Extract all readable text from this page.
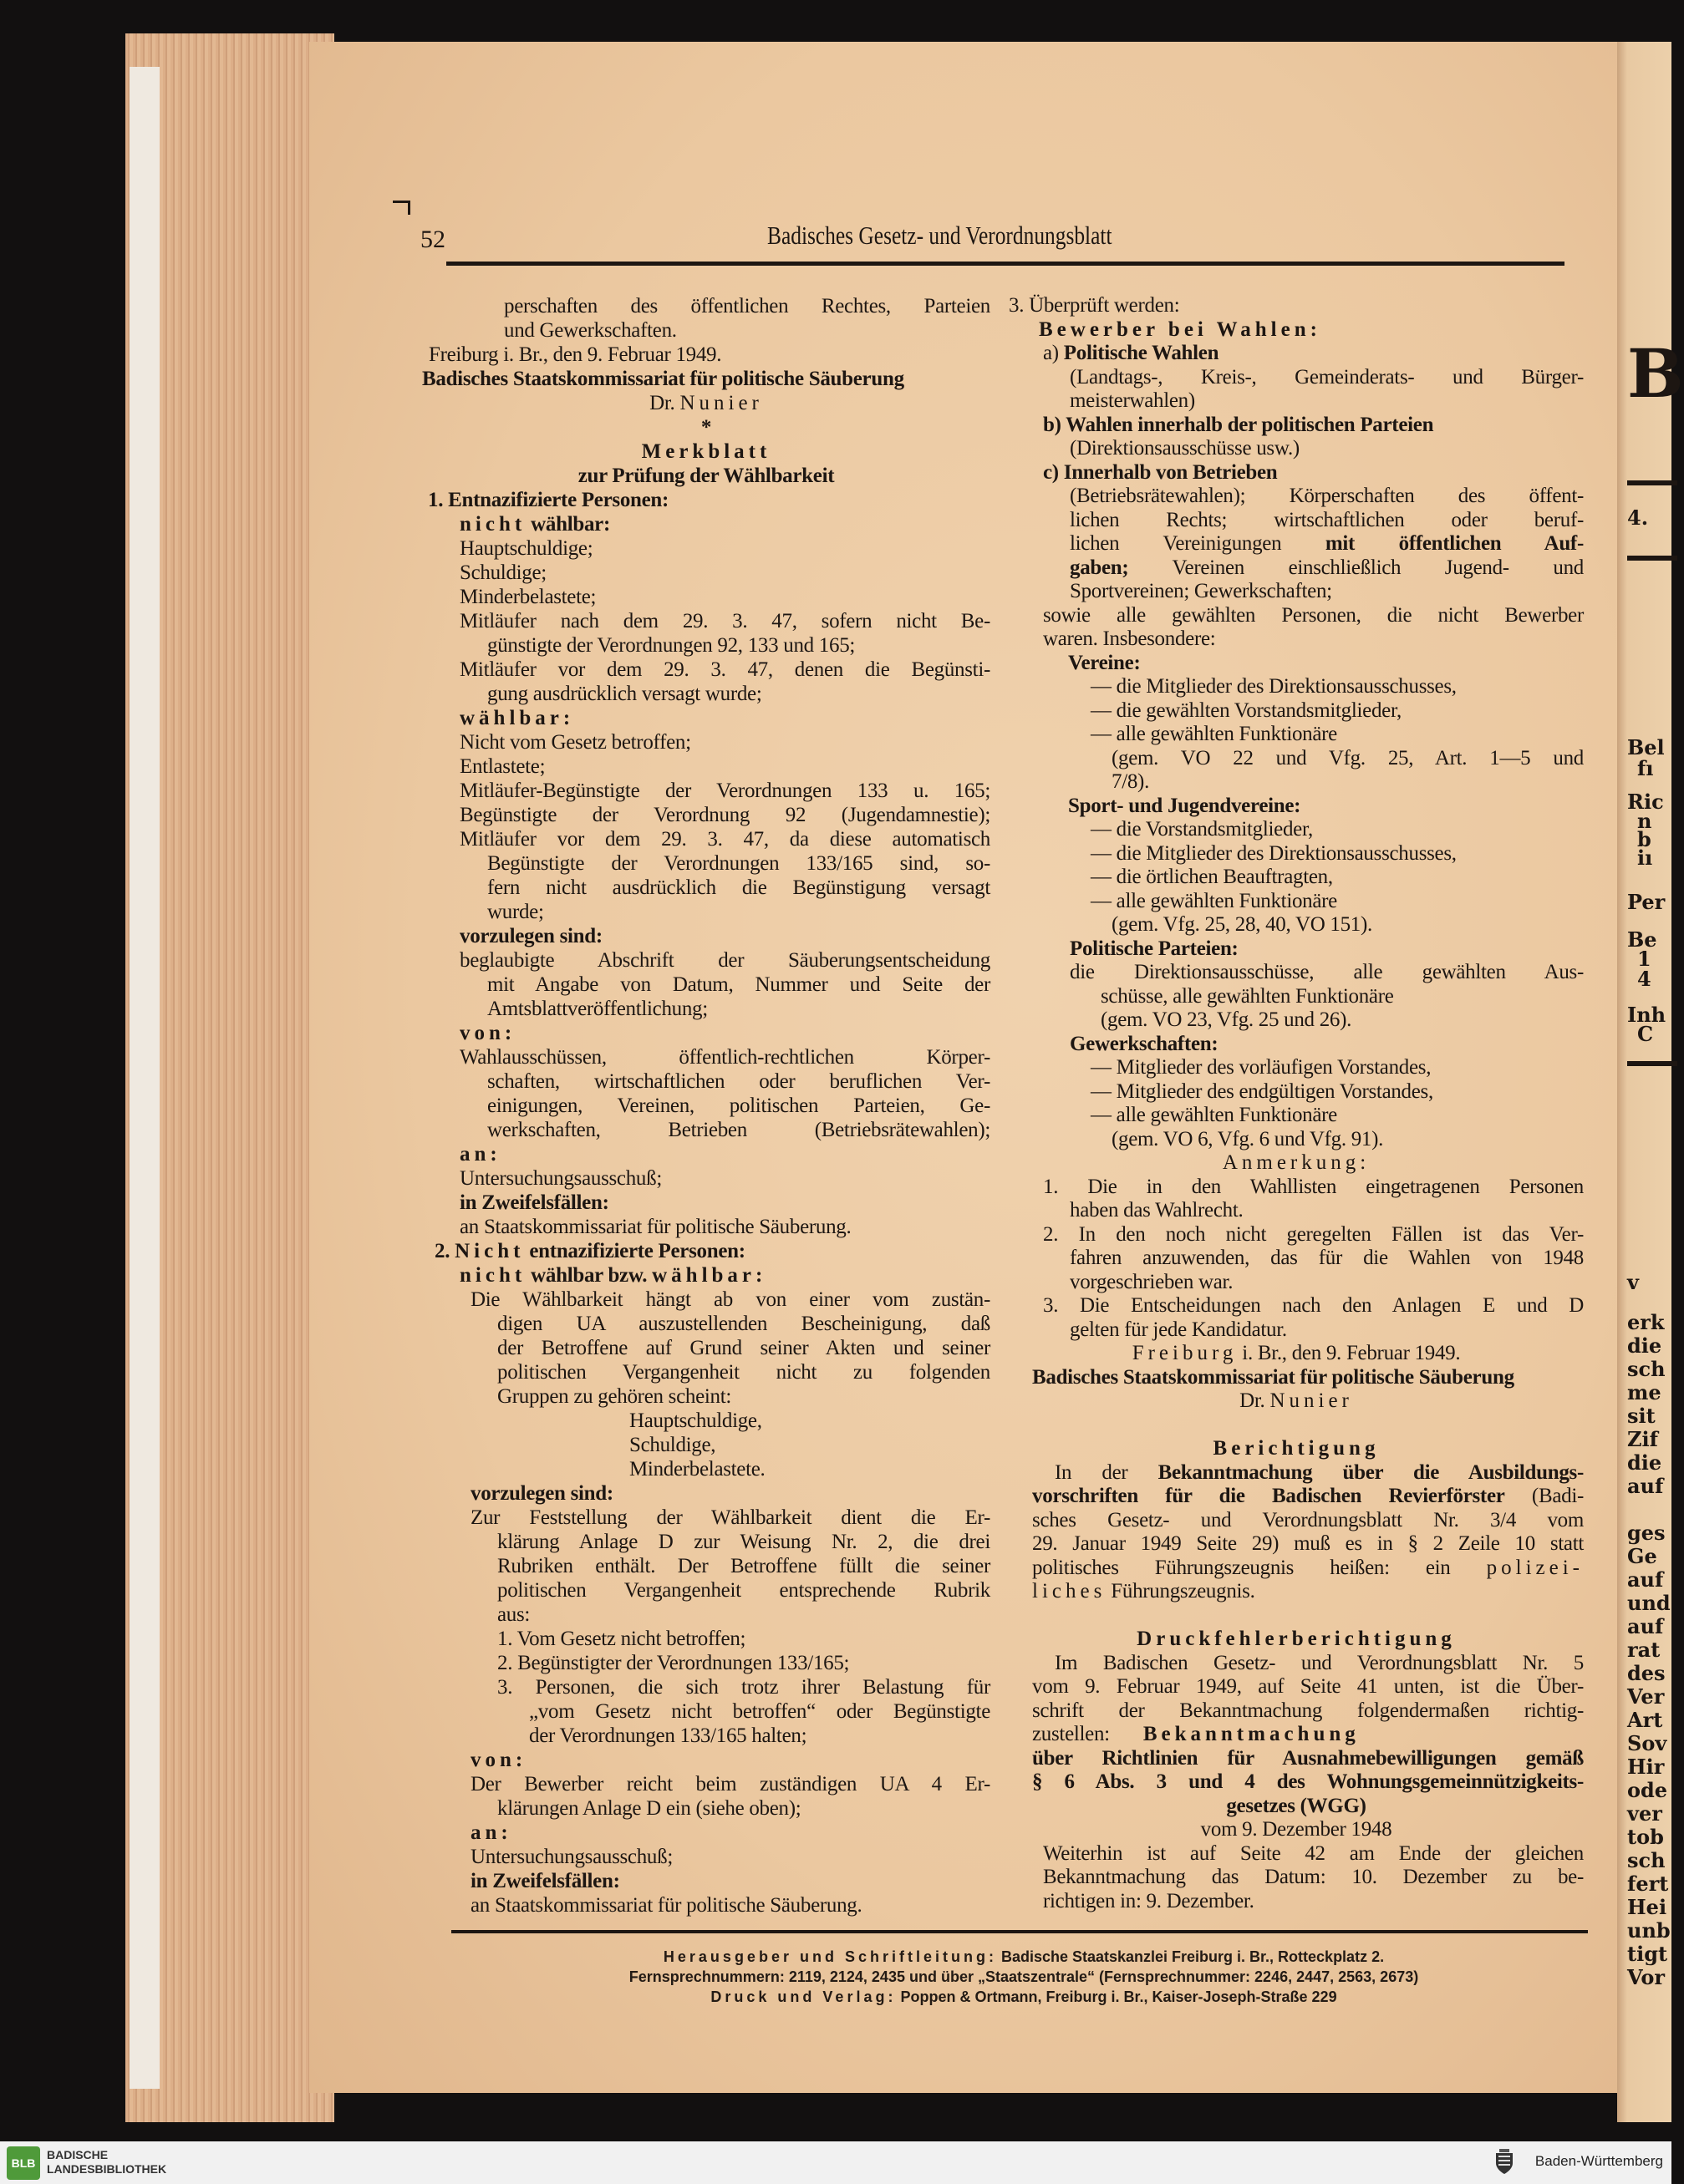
B
4.
Bel
fı
Ric
n
b
iı
Per
Be
1
4
Inh
C
v
erk
die
sch
me
sit
Zif
die
auf
ges
Ge
auf
und
auf
rat
des
Ver
Art
Sov
Hir
ode
ver
tob
sch
fert
Hei
unb
tigt
Vor
52	Badisches Gesetz- und Verordnungsblatt
perschaften des öffentlichen Rechtes, Parteien
und Gewerkschaften.
Freiburg i. Br., den 9. Februar 1949.
Badisches Staatskommissariat für politische Säuberung
Dr. Nunier
*
Merkblatt
zur Prüfung der Wählbarkeit
1. Entnazifizierte Personen:
nicht wählbar:
Hauptschuldige;
Schuldige;
Minderbelastete;
Mitläufer nach dem 29. 3. 47, sofern nicht Be-
günstigte der Verordnungen 92, 133 und 165;
Mitläufer vor dem 29. 3. 47, denen die Begünsti-
gung ausdrücklich versagt wurde;
wählbar:
Nicht vom Gesetz betroffen;
Entlastete;
Mitläufer-Begünstigte der Verordnungen 133 u. 165;
Begünstigte der Verordnung 92 (Jugendamnestie);
Mitläufer vor dem 29. 3. 47, da diese automatisch
Begünstigte der Verordnungen 133/165 sind, so-
fern nicht ausdrücklich die Begünstigung versagt
wurde;
vorzulegen sind:
beglaubigte Abschrift der Säuberungsentscheidung
mit Angabe von Datum, Nummer und Seite der
Amtsblattveröffentlichung;
von:
Wahlausschüssen, öffentlich-rechtlichen Körper-
schaften, wirtschaftlichen oder beruflichen Ver-
einigungen, Vereinen, politischen Parteien, Ge-
werkschaften, Betrieben (Betriebsrätewahlen);
an:
Untersuchungsausschuß;
in Zweifelsfällen:
an Staatskommissariat für politische Säuberung.
2. Nicht entnazifizierte Personen:
nicht wählbar bzw. wählbar:
Die Wählbarkeit hängt ab von einer vom zustän-
digen UA auszustellenden Bescheinigung, daß
der Betroffene auf Grund seiner Akten und seiner
politischen Vergangenheit nicht zu folgenden
Gruppen zu gehören scheint:
Hauptschuldige,
Schuldige,
Minderbelastete.
vorzulegen sind:
Zur Feststellung der Wählbarkeit dient die Er-
klärung Anlage D zur Weisung Nr. 2, die drei
Rubriken enthält. Der Betroffene füllt die seiner
politischen Vergangenheit entsprechende Rubrik
aus:
1. Vom Gesetz nicht betroffen;
2. Begünstigter der Verordnungen 133/165;
3. Personen, die sich trotz ihrer Belastung für
„vom Gesetz nicht betroffen“ oder Begünstigte
der Verordnungen 133/165 halten;
von:
Der Bewerber reicht beim zuständigen UA 4 Er-
klärungen Anlage D ein (siehe oben);
an:
Untersuchungsausschuß;
in Zweifelsfällen:
an Staatskommissariat für politische Säuberung.
3. Überprüft werden:
Bewerber bei Wahlen:
a) Politische Wahlen
(Landtags-, Kreis-, Gemeinderats- und Bürger-
meisterwahlen)
b) Wahlen innerhalb der politischen Parteien
(Direktionsausschüsse usw.)
c) Innerhalb von Betrieben
(Betriebsrätewahlen); Körperschaften des öffent-
lichen Rechts; wirtschaftlichen oder beruf-
lichen Vereinigungen mit öffentlichen Auf-
gaben; Vereinen einschließlich Jugend- und
Sportvereinen; Gewerkschaften;
sowie alle gewählten Personen, die nicht Bewerber
waren. Insbesondere:
Vereine:
— die Mitglieder des Direktionsausschusses,
— die gewählten Vorstandsmitglieder,
— alle gewählten Funktionäre
(gem. VO 22 und Vfg. 25, Art. 1—5 und
7/8).
Sport- und Jugendvereine:
— die Vorstandsmitglieder,
— die Mitglieder des Direktionsausschusses,
— die örtlichen Beauftragten,
— alle gewählten Funktionäre
(gem. Vfg. 25, 28, 40, VO 151).
Politische Parteien:
die Direktionsausschüsse, alle gewählten Aus-
schüsse, alle gewählten Funktionäre
(gem. VO 23, Vfg. 25 und 26).
Gewerkschaften:
— Mitglieder des vorläufigen Vorstandes,
— Mitglieder des endgültigen Vorstandes,
— alle gewählten Funktionäre
(gem. VO 6, Vfg. 6 und Vfg. 91).
Anmerkung:
1. Die in den Wahllisten eingetragenen Personen
haben das Wahlrecht.
2. In den noch nicht geregelten Fällen ist das Ver-
fahren anzuwenden, das für die Wahlen von 1948
vorgeschrieben war.
3. Die Entscheidungen nach den Anlagen E und D
gelten für jede Kandidatur.
Freiburg i. Br., den 9. Februar 1949.
Badisches Staatskommissariat für politische Säuberung
Dr. Nunier
Berichtigung
In der Bekanntmachung über die Ausbildungs-
vorschriften für die Badischen Revierförster (Badi-
sches Gesetz- und Verordnungsblatt Nr. 3/4 vom
29. Januar 1949 Seite 29) muß es in § 2 Zeile 10 statt
politisches Führungszeugnis heißen: ein polizei-
liches Führungszeugnis.
Druckfehlerberichtigung
Im Badischen Gesetz- und Verordnungsblatt Nr. 5
vom 9. Februar 1949, auf Seite 41 unten, ist die Über-
schrift der Bekanntmachung folgendermaßen richtig-
zustellen: Bekanntmachung
über Richtlinien für Ausnahmebewilligungen gemäß
§ 6 Abs. 3 und 4 des Wohnungsgemeinnützigkeits-
gesetzes (WGG)
vom 9. Dezember 1948
Weiterhin ist auf Seite 42 am Ende der gleichen
Bekanntmachung das Datum: 10. Dezember zu be-
richtigen in: 9. Dezember.
Herausgeber und Schriftleitung: Badische Staatskanzlei Freiburg i. Br., Rotteckplatz 2.
Fernsprechnummern: 2119, 2124, 2435 und über „Staatszentrale“ (Fernsprechnummer: 2246, 2447, 2563, 2673)
Druck und Verlag: Poppen & Ortmann, Freiburg i. Br., Kaiser-Joseph-Straße 229
BLB
BADISCHE
LANDESBIBLIOTHEK	Baden-Württemberg
